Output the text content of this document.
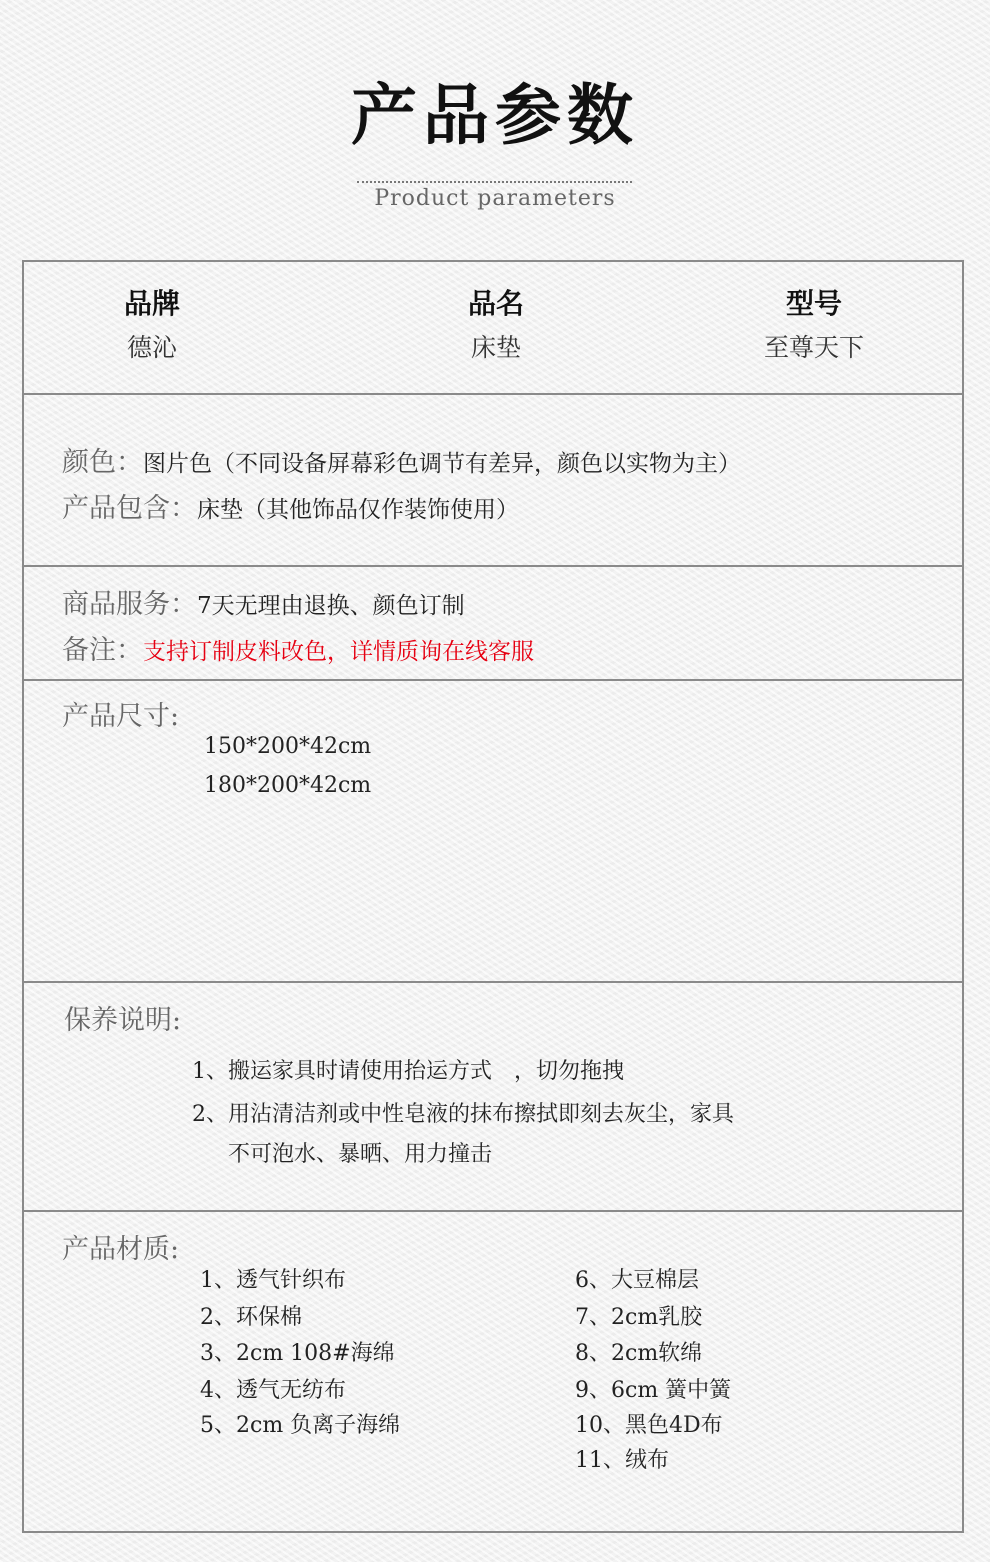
产品参数
Product parameters
品牌
德沁
品名
床垫
型号
至尊天下
颜色：图片色（不同设备屏幕彩色调节有差异，颜色以实物为主）
产品包含：床垫（其他饰品仅作装饰使用）
商品服务：7天无理由退换、颜色订制
备注：支持订制皮料改色，详情质询在线客服
产品尺寸:
150*200*42cm
180*200*42cm
保养说明:
1、搬运家具时请使用抬运方式　，切勿拖拽
2、用沾清洁剂或中性皂液的抹布擦拭即刻去灰尘，家具
不可泡水、暴晒、用力撞击
产品材质:
1、透气针织布
2、环保棉
3、2cm 108#海绵
4、透气无纺布
5、2cm 负离子海绵
6、大豆棉层
7、2cm乳胶
8、2cm软绵
9、6cm 簧中簧
10、黑色4D布
11、绒布
